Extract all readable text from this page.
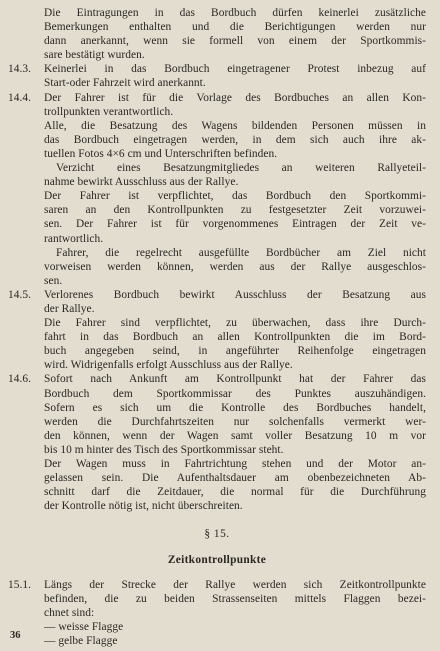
Die Eintragungen in das Bordbuch dürfen keinerlei zusätzliche
Bemerkungen enthalten und die Berichtigungen werden nur
dann anerkannt, wenn sie formell von einem der Sportkommis-
sare bestätigt wurden.
14.3.	Keinerlei in das Bordbuch eingetragener Protest inbezug auf
Start-oder Fahrzeit wird anerkannt.
14.4.	Der Fahrer ist für die Vorlage des Bordbuches an allen Kon-
trollpunkten verantwortlich.
Alle, die Besatzung des Wagens bildenden Personen müssen in
das Bordbuch eingetragen werden, in dem sich auch ihre ak-
tuellen Fotos 4×6 cm und Unterschriften befinden.
Verzicht eines Besatzungmitgliedes an weiteren Rallyeteil-
nahme bewirkt Ausschluss aus der Rallye.
Der Fahrer ist verpflichtet, das Bordbuch den Sportkommi-
saren an den Kontrollpunkten zu festgesetzter Zeit vorzuwei-
sen. Der Fahrer ist für vorgenommenes Eintragen der Zeit ve-
rantwortlich.
Fahrer, die regelrecht ausgefüllte Bordbücher am Ziel nicht
vorweisen werden können, werden aus der Rallye ausgeschlos-
sen.
14.5.	Verlorenes Bordbuch bewirkt Ausschluss der Besatzung aus
der Rallye.
Die Fahrer sind verpflichtet, zu überwachen, dass ihre Durch-
fahrt in das Bordbuch an allen Kontrollpunkten die im Bord-
buch angegeben seind, in angeführter Reihenfolge eingetragen
wird. Widrigenfalls erfolgt Ausschluss aus der Rallye.
14.6.	Sofort nach Ankunft am Kontrollpunkt hat der Fahrer das
Bordbuch dem Sportkommissar des Punktes auszuhändigen.
Sofern es sich um die Kontrolle des Bordbuches handelt,
werden die Durchfahrtszeiten nur solchenfalls vermerkt wer-
den können, wenn der Wagen samt voller Besatzung 10 m vor
bis 10 m hinter des Tisch des Sportkommissar steht.
Der Wagen muss in Fahrtrichtung stehen und der Motor an-
gelassen sein. Die Aufenthaltsdauer am obenbezeichneten Ab-
schnitt darf die Zeitdauer, die normal für die Durchführung
der Kontrolle nötig ist, nicht überschreiten.
§ 15.
Zeitkontrollpunkte
15.1.	Längs der Strecke der Rallye werden sich Zeitkontrollpunkte
befinden, die zu beiden Strassenseiten mittels Flaggen bezei-
chnet sind:
— weisse Flagge
— gelbe Flagge
36
